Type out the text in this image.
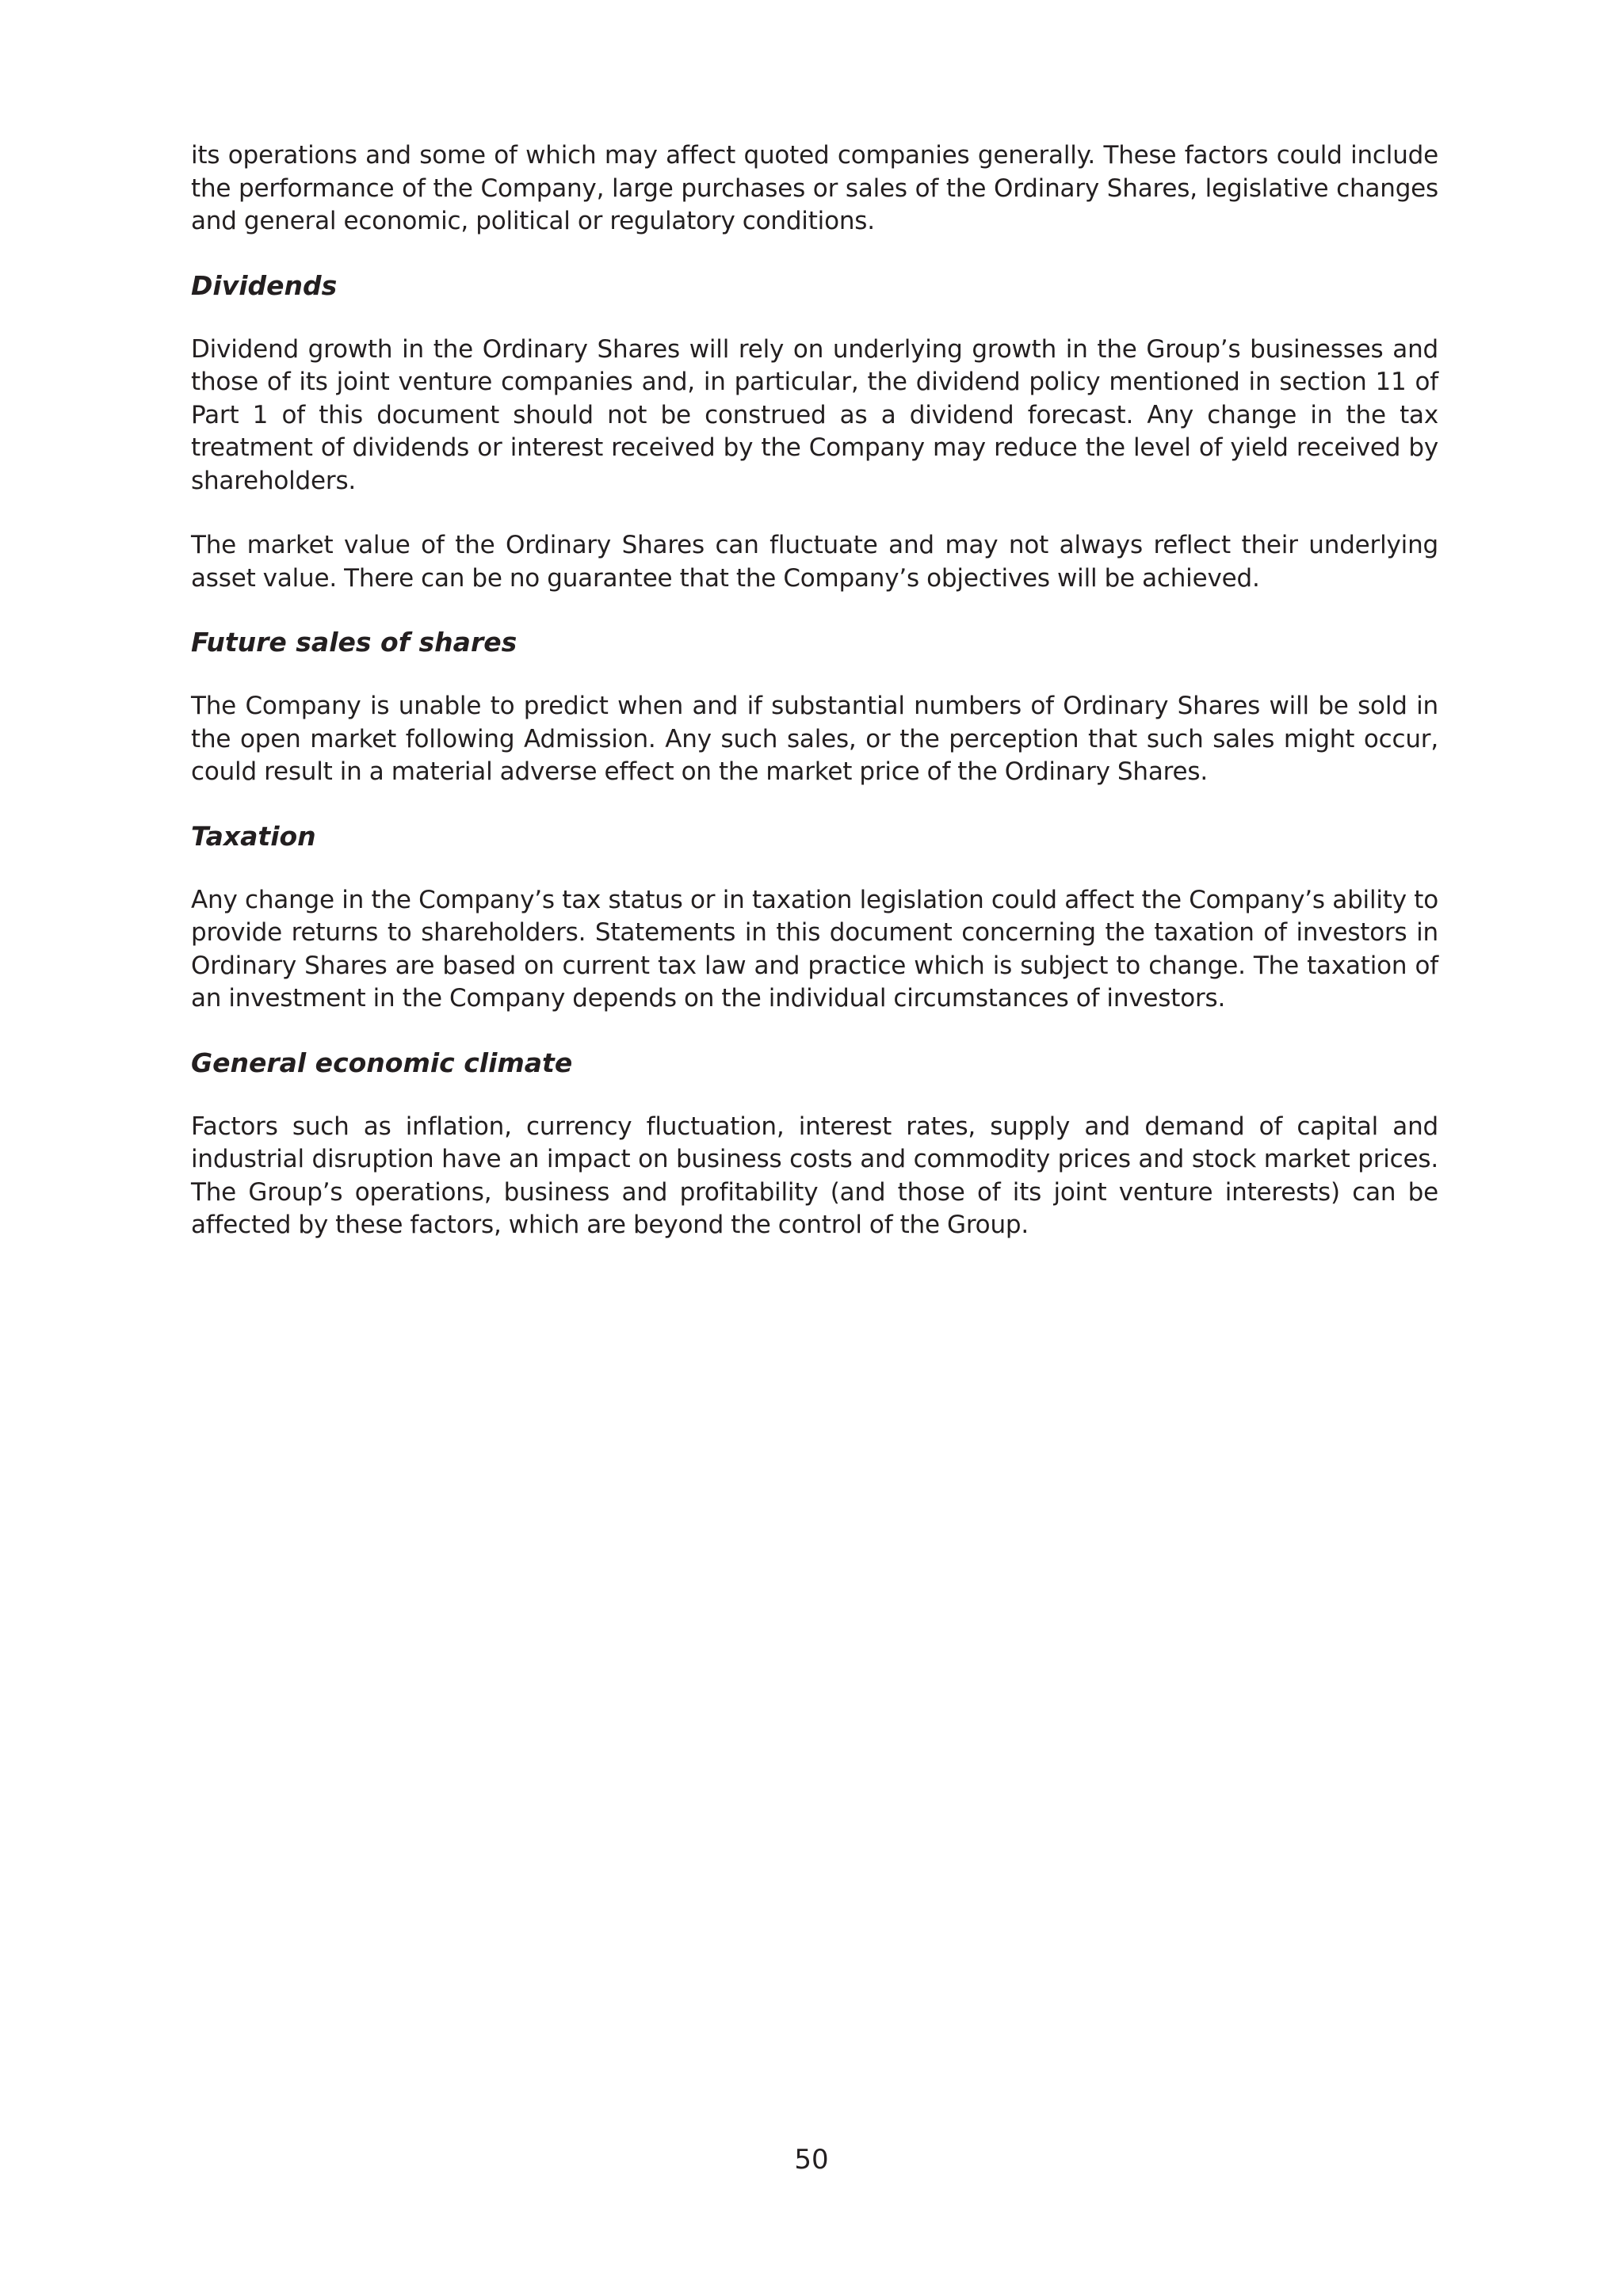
its operations and some of which may affect quoted companies generally. These factors could include the performance of the Company, large purchases or sales of the Ordinary Shares, legislative changes and general economic, political or regulatory conditions.

Dividends

Dividend growth in the Ordinary Shares will rely on underlying growth in the Group’s businesses and those of its joint venture companies and, in particular, the dividend policy mentioned in section 11 of Part 1 of this document should not be construed as a dividend forecast. Any change in the tax treatment of dividends or interest received by the Company may reduce the level of yield received by shareholders.

The market value of the Ordinary Shares can fluctuate and may not always reflect their underlying asset value. There can be no guarantee that the Company’s objectives will be achieved.

Future sales of shares

The Company is unable to predict when and if substantial numbers of Ordinary Shares will be sold in the open market following Admission. Any such sales, or the perception that such sales might occur, could result in a material adverse effect on the market price of the Ordinary Shares.

Taxation

Any change in the Company’s tax status or in taxation legislation could affect the Company’s ability to provide returns to shareholders. Statements in this document concerning the taxation of investors in Ordinary Shares are based on current tax law and practice which is subject to change. The taxation of an investment in the Company depends on the individual circumstances of investors.

General economic climate

Factors such as inflation, currency fluctuation, interest rates, supply and demand of capital and industrial disruption have an impact on business costs and commodity prices and stock market prices. The Group’s operations, business and profitability (and those of its joint venture interests) can be affected by these factors, which are beyond the control of the Group.

50
